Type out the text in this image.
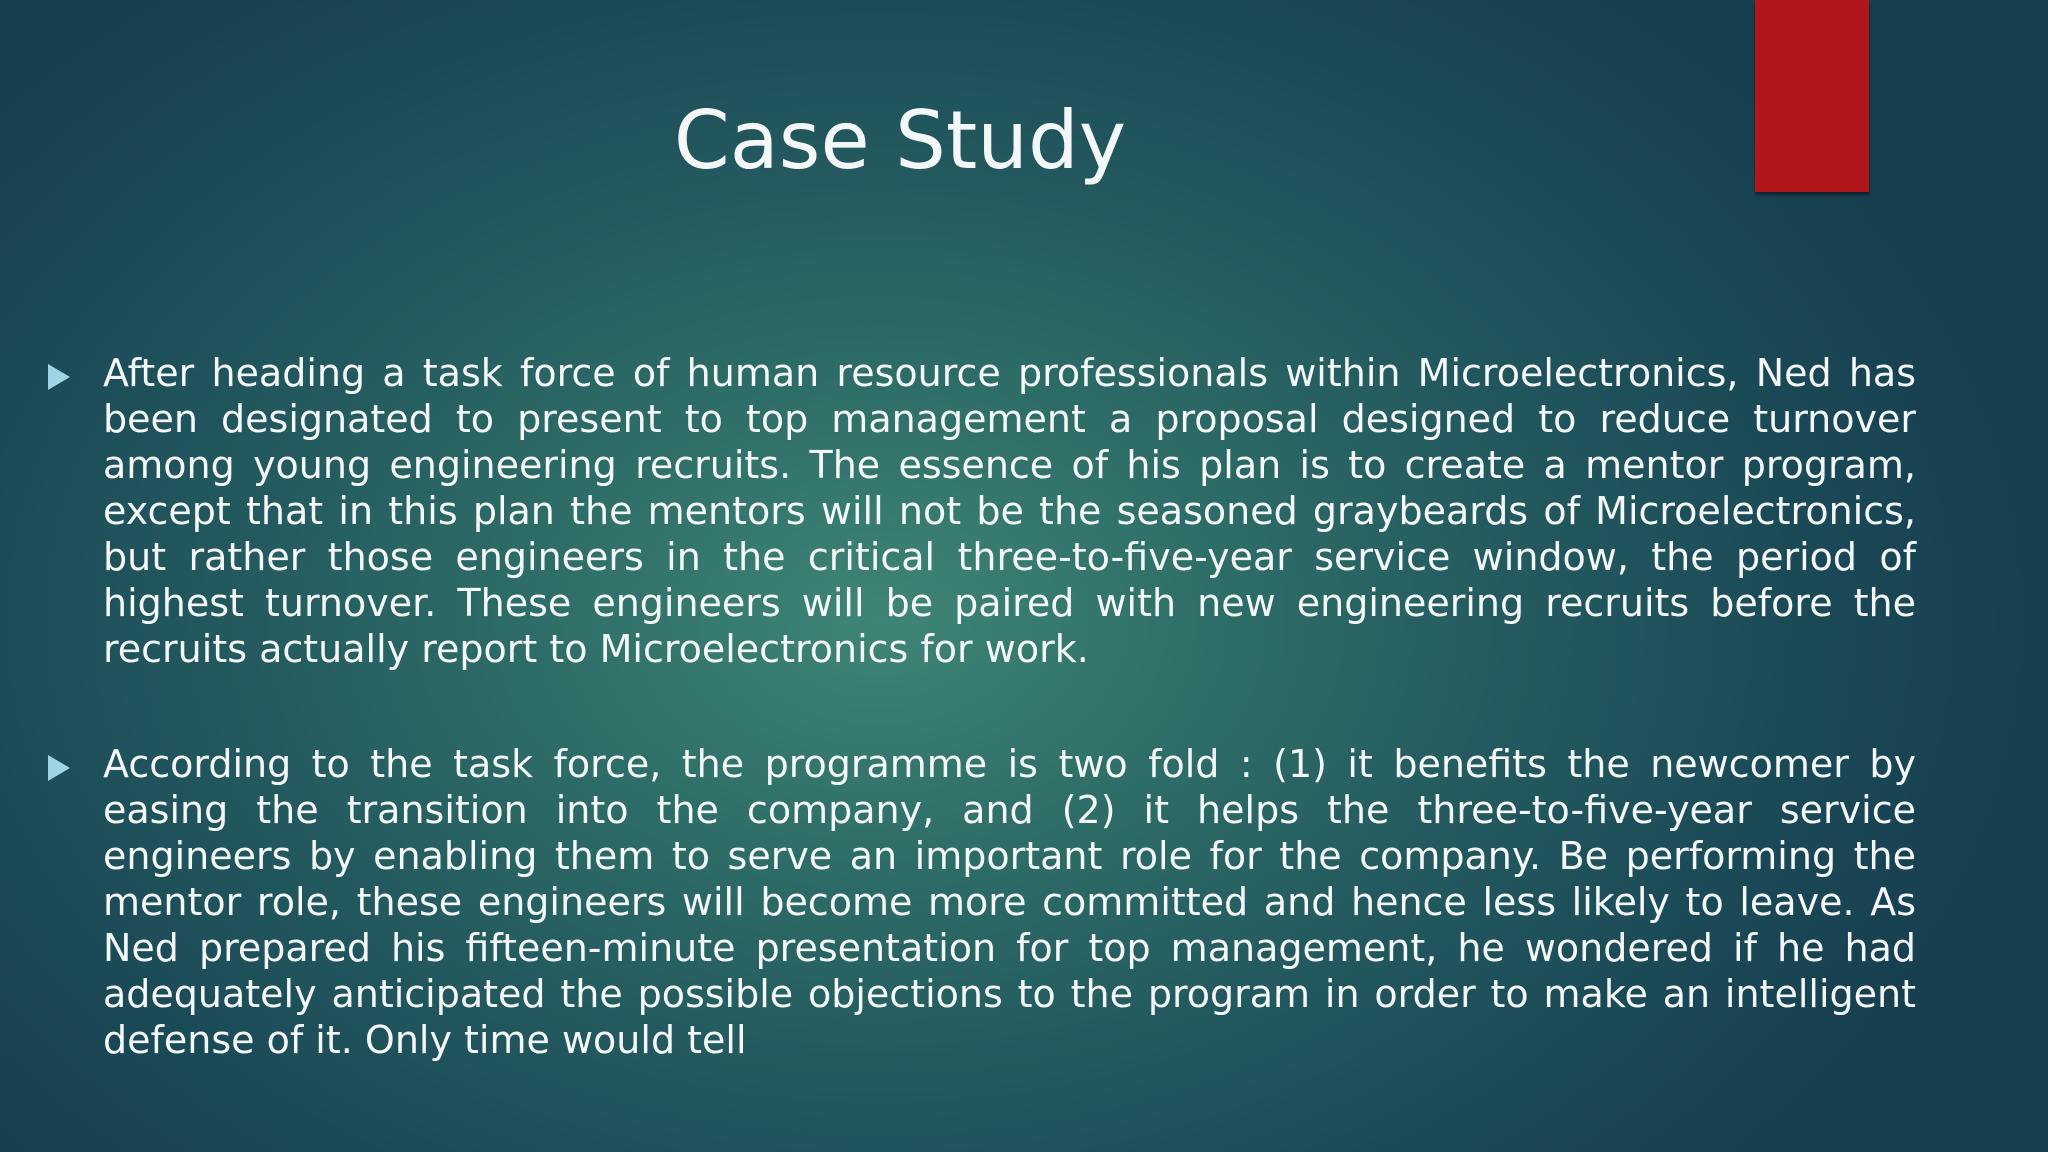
Case Study
After heading a task force of human resource professionals within Microelectronics, Ned has been designated to present to top management a proposal designed to reduce turnover among young engineering recruits. The essence of his plan is to create a mentor program, except that in this plan the mentors will not be the seasoned graybeards of Microelectronics, but rather those engineers in the critical three-to-five-year service window, the period of highest turnover. These engineers will be paired with new engineering recruits before the recruits actually report to Microelectronics for work.
According to the task force, the programme is two fold : (1) it benefits the newcomer by easing the transition into the company, and (2) it helps the three-to-five-year service engineers by enabling them to serve an important role for the company. Be performing the mentor role, these engineers will become more committed and hence less likely to leave. As Ned prepared his fifteen-minute presentation for top management, he wondered if he had adequately anticipated the possible objections to the program in order to make an intelligent defense of it. Only time would tell
